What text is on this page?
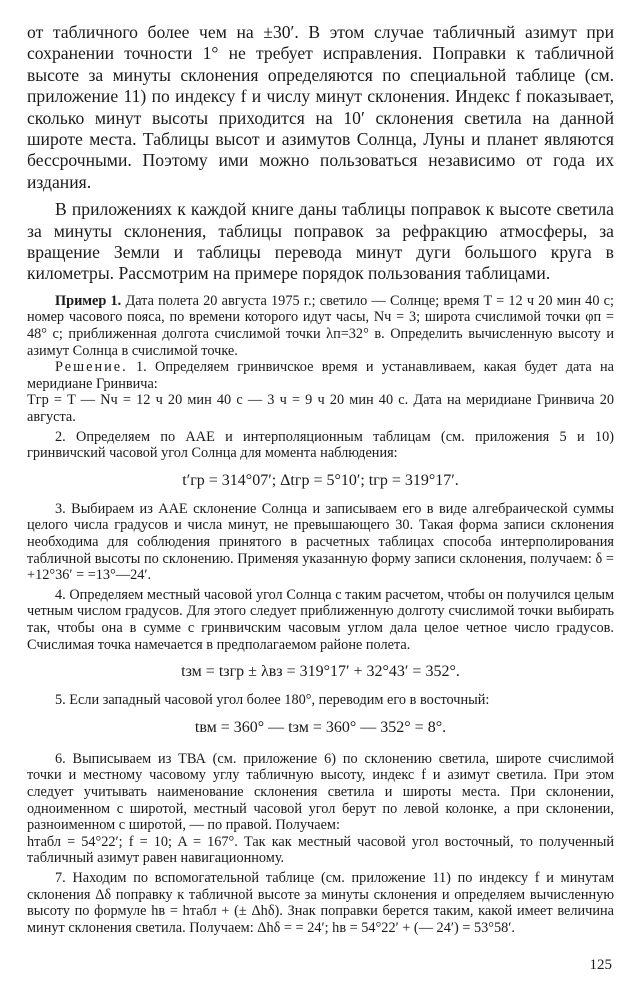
от табличного более чем на ±30′. В этом случае табличный азимут при сохранении точности 1° не требует исправления. Поправки к табличной высоте за минуты склонения определяются по специальной таблице (см. приложение 11) по индексу f и числу минут склонения. Индекс f показывает, сколько минут высоты приходится на 10′ склонения светила на данной широте места. Таблицы высот и азимутов Солнца, Луны и планет являются бессрочными. Поэтому ими можно пользоваться независимо от года их издания.

В приложениях к каждой книге даны таблицы поправок к высоте светила за минуты склонения, таблицы поправок за рефракцию атмосферы, за вращение Земли и таблицы перевода минут дуги большого круга в километры. Рассмотрим на примере порядок пользования таблицами.

Пример 1. Дата полета 20 августа 1975 г.; светило — Солнце; время T = 12 ч 20 мин 40 с; номер часового пояса, по времени которого идут часы, Nч = 3; широта счислимой точки φп = 48° с; приближенная долгота счислимой точки λп=32° в. Определить вычисленную высоту и азимут Солнца в счислимой точке.

Решение. 1. Определяем гринвичское время и устанавливаем, какая будет дата на меридиане Гринвича:

Tгр = T — Nч = 12 ч 20 мин 40 с — 3 ч = 9 ч 20 мин 40 с. Дата на меридиане Гринвича 20 августа.

2. Определяем по ААЕ и интерполяционным таблицам (см. приложения 5 и 10) гринвичский часовой угол Солнца для момента наблюдения:

t′гр = 314°07′; Δtгр = 5°10′; tгр = 319°17′.

3. Выбираем из ААЕ склонение Солнца и записываем его в виде алгебраической суммы целого числа градусов и числа минут, не превышающего 30. Такая форма записи склонения необходима для соблюдения принятого в расчетных таблицах способа интерполирования табличной высоты по склонению. Применяя указанную форму записи склонения, получаем: δ = +12°36′ = =13°—24′.

4. Определяем местный часовой угол Солнца с таким расчетом, чтобы он получился целым четным числом градусов. Для этого следует приближенную долготу счислимой точки выбирать так, чтобы она в сумме с гринвичским часовым углом дала целое четное число градусов. Счислимая точка намечается в предполагаемом районе полета.

tзм = tзгр ± λвз = 319°17′ + 32°43′ = 352°.

5. Если западный часовой угол более 180°, переводим его в восточный:

tвм = 360° — tзм = 360° — 352° = 8°.

6. Выписываем из ТВА (см. приложение 6) по склонению светила, широте счислимой точки и местному часовому углу табличную высоту, индекс f и азимут светила. При этом следует учитывать наименование склонения светила и широты места. При склонении, одноименном с широтой, местный часовой угол берут по левой колонке, а при склонении, разноименном с широтой, — по правой. Получаем:

hтабл = 54°22′; f = 10; A = 167°. Так как местный часовой угол восточный, то полученный табличный азимут равен навигационному.

7. Находим по вспомогательной таблице (см. приложение 11) по индексу f и минутам склонения Δδ поправку к табличной высоте за минуты склонения и определяем вычисленную высоту по формуле hв = hтабл + (± Δhδ). Знак поправки берется таким, какой имеет величина минут склонения светила. Получаем: Δhδ = = 24′; hв = 54°22′ + (— 24′) = 53°58′.

125
